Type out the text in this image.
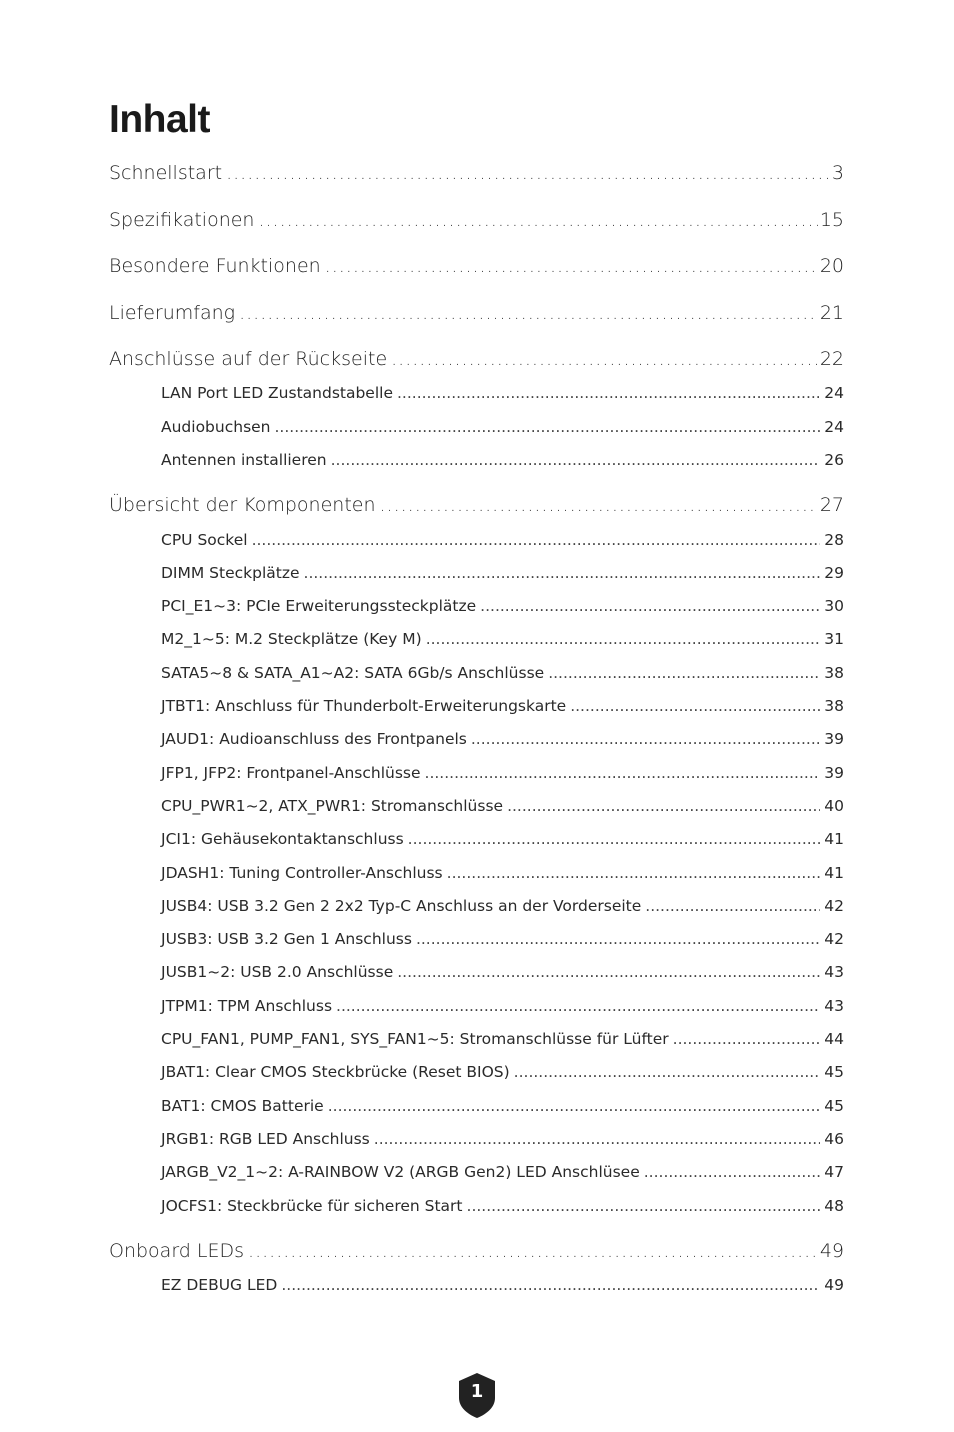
Inhalt
Schnellstart .....	3
Spezifikationen .....	15
Besondere Funktionen .....	20
Lieferumfang .....	21
Anschlüsse auf der Rückseite .....	22
LAN Port LED Zustandstabelle .....	24
Audiobuchsen .....	24
Antennen installieren .....	26
Übersicht der Komponenten .....	27
CPU Sockel .....	28
DIMM Steckplätze .....	29
PCI_E1~3: PCIe Erweiterungssteckplätze .....	30
M2_1~5: M.2 Steckplätze (Key M) .....	31
SATA5~8 & SATA_A1~A2: SATA 6Gb/s Anschlüsse .....	38
JTBT1: Anschluss für Thunderbolt-Erweiterungskarte .....	38
JAUD1: Audioanschluss des Frontpanels .....	39
JFP1, JFP2: Frontpanel-Anschlüsse .....	39
CPU_PWR1~2, ATX_PWR1: Stromanschlüsse .....	40
JCI1: Gehäusekontaktanschluss .....	41
JDASH1: Tuning Controller-Anschluss .....	41
JUSB4: USB 3.2 Gen 2 2x2 Typ-C Anschluss an der Vorderseite .....	42
JUSB3: USB 3.2 Gen 1 Anschluss .....	42
JUSB1~2: USB 2.0 Anschlüsse .....	43
JTPM1: TPM Anschluss .....	43
CPU_FAN1, PUMP_FAN1, SYS_FAN1~5: Stromanschlüsse für Lüfter .....	44
JBAT1: Clear CMOS Steckbrücke (Reset BIOS) .....	45
BAT1: CMOS Batterie .....	45
JRGB1: RGB LED Anschluss .....	46
JARGB_V2_1~2: A-RAINBOW V2 (ARGB Gen2) LED Anschlüsee .....	47
JOCFS1: Steckbrücke für sicheren Start .....	48
Onboard LEDs .....	49
EZ DEBUG LED .....	49
1
